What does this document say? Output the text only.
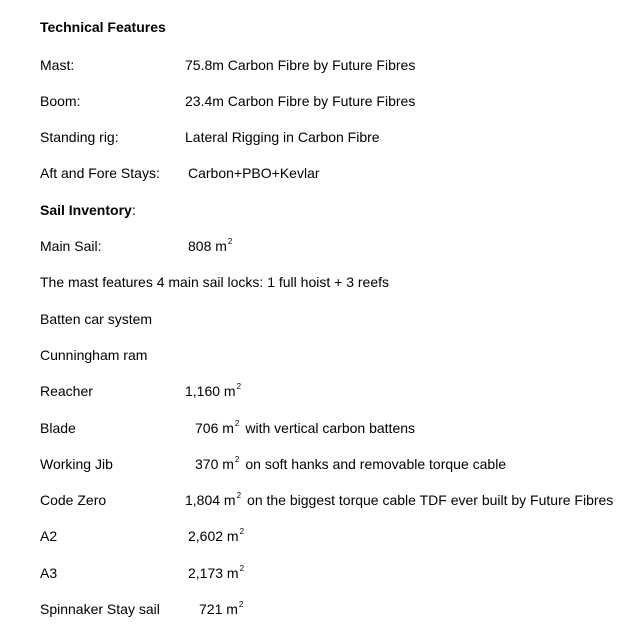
Technical Features
Mast:	75.8m Carbon Fibre by Future Fibres
Boom:	23.4m Carbon Fibre by Future Fibres
Standing rig:	Lateral Rigging in Carbon Fibre
Aft and Fore Stays: Carbon+PBO+Kevlar
Sail Inventory:
Main Sail:	808 $m^2$
The mast features 4 main sail locks: 1 full hoist + 3 reefs
Batten car system
Cunningham ram
Reacher	1,160 $m^2$
Blade	706 $m^2$ with vertical carbon battens
Working Jib	370 $m^2$ on soft hanks and removable torque cable
Code Zero	1,804 $m^2$ on the biggest torque cable TDF ever built by Future Fibres
A2	2,602 $m^2$
A3	2,173 $m^2$
Spinnaker Stay sail	721 $m^2$
